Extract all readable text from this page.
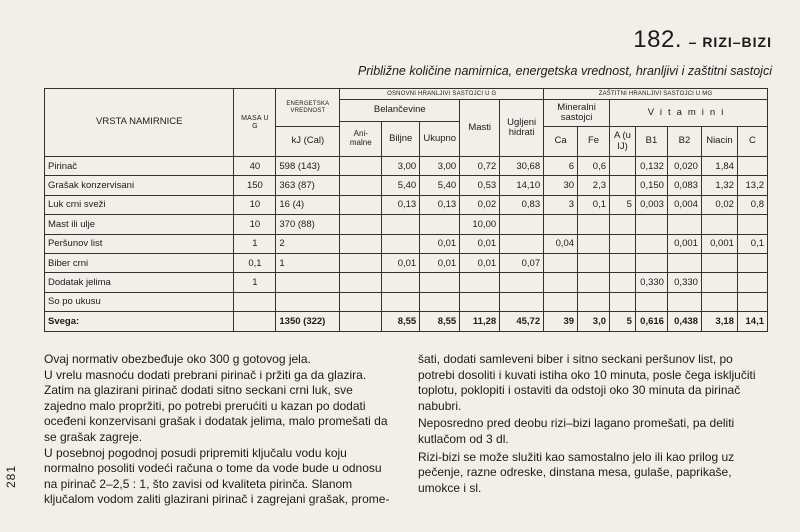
281
182. – RIZI–BIZI
Približne količine namirnica, energetska vrednost, hranljivi i zaštitni sastojci
VRSTA NAMIRNICE	MASA U G	ENERGETSKA VREDNOST	OSNOVNI HRANLJIVI SASTOJCI U G					ZAŠTITNI HRANLJIVI SASTOJCI U MG						
			Belančevine			Masti	Ugljeni hidrati	Mineralni sastojci		Vitamini				
			Ani- malne	Biljne	Ukupno									
		kJ (Cal)						Ca	Fe	A (u IJ)	B1	B2	Niacin	C
Pirinač	40	598 (143)		3,00	3,00	0,72	30,68	6	0,6		0,132	0,020	1,84	
Grašak konzervisani	150	363 (87)		5,40	5,40	0,53	14,10	30	2,3		0,150	0,083	1,32	13,2
Luk crni sveži	10	16 (4)		0,13	0,13	0,02	0,83	3	0,1	5	0,003	0,004	0,02	0,8
Mast ili ulje	10	370 (88)				10,00								
Peršunov list	1	2			0,01	0,01		0,04				0,001	0,001	0,1
Biber crni	0,1	1		0,01	0,01	0,01	0,07							
Dodatak jelima	1										0,330	0,330		
So po ukusu														
Svega:		1350 (322)		8,55	8,55	11,28	45,72	39	3,0	5	0,616	0,438	3,18	14,1

Ovaj normativ obezbeđuje oko 300 g gotovog jela.

U vrelu masnoću dodati prebrani pirinač i pržiti ga da glazira. Zatim na glazirani pirinač dodati sitno seckani crni luk, sve zajedno malo propržiti, po potrebi prerućiti u kazan po dodati oceđeni konzervisani grašak i dodatak jelima, malo promešati da se grašak zagreje.

U posebnoj pogodnoj posudi pripremiti ključalu vodu koju normalno posoliti vodeći računa o tome da vode bude u odnosu na pirinač 2–2,5 : 1, što zavisi od kvaliteta pirinča. Slanom ključalom vodom zaliti glazirani pirinač i zagrejani grašak, prome-

šati, dodati samleveni biber i sitno seckani peršunov list, po potrebi dosoliti i kuvati istiha oko 10 minuta, posle čega isključiti toplotu, poklopiti i ostaviti da odstoji oko 30 minuta da pirinač nabubri.

Neposredno pred deobu rizi–bizi lagano promešati, pa deliti kutlačom od 3 dl.

Rizi-bizi se može služiti kao samostalno jelo ili kao prilog uz pečenje, razne odreske, dinstana mesa, gulaše, paprikaše, umokce i sl.
